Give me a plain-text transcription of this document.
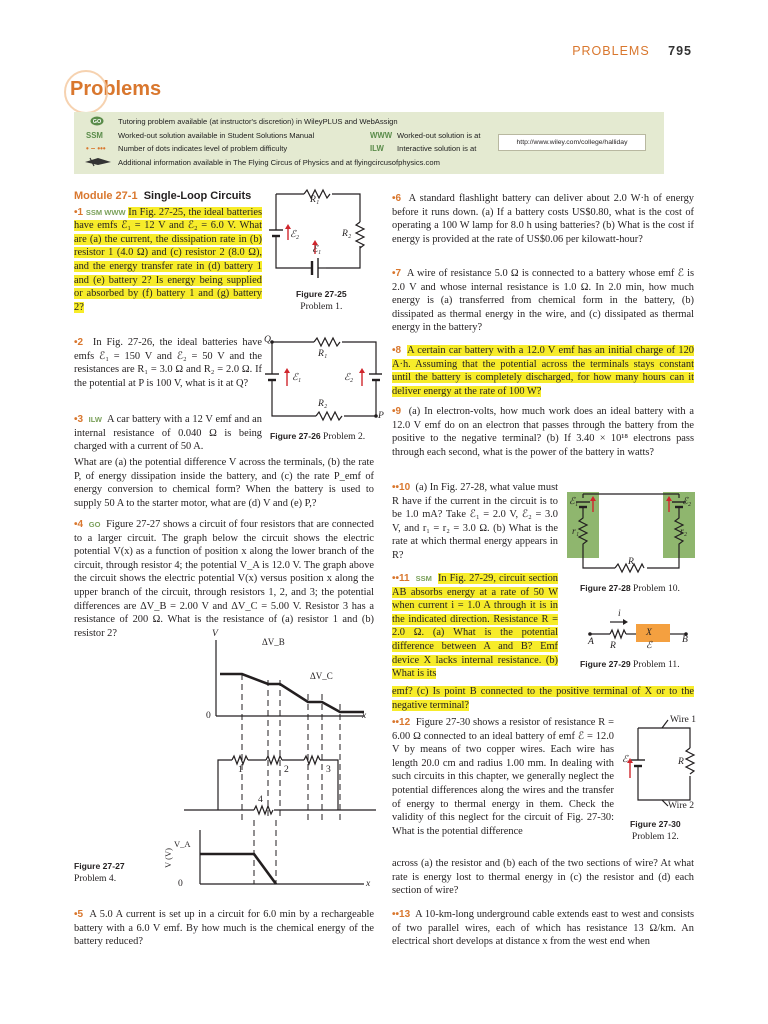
PROBLEMS 795
Problems
GO Tutoring problem available (at instructor's discretion) in WileyPLUS and WebAssign
SSM Worked-out solution available in Student Solutions Manual	WWW Worked-out solution is at
• – ••• Number of dots indicates level of problem difficulty	ILW Interactive solution is at
Additional information available in The Flying Circus of Physics and at flyingcircusofphysics.com
http://www.wiley.com/college/halliday
Module 27-1 Single-Loop Circuits

•1 SSM WWW In Fig. 27-25, the ideal batteries have emfs ℰ₁ = 12 V and ℰ₂ = 6.0 V. What are (a) the current, the dissipation rate in (b) resistor 1 (4.0 Ω) and (c) resistor 2 (8.0 Ω), and the energy transfer rate in (d) battery 1 and (e) battery 2? Is energy being supplied or absorbed by (f) battery 1 and (g) battery 2?

•2 In Fig. 27-26, the ideal batteries have emfs ℰ₁ = 150 V and ℰ₂ = 50 V and the resistances are R₁ = 3.0 Ω and R₂ = 2.0 Ω. If the potential at P is 100 V, what is it at Q?

•3 ILW A car battery with a 12 V emf and an internal resistance of 0.040 Ω is being charged with a current of 50 A.

What are (a) the potential difference V across the terminals, (b) the rate P, of energy dissipation inside the battery, and (c) the rate P_emf of energy conversion to chemical form? When the battery is used to supply 50 A to the starter motor, what are (d) V and (e) P,?

•4 GO Figure 27-27 shows a circuit of four resistors that are connected to a larger circuit. The graph below the circuit shows the electric potential V(x) as a function of position x along the lower branch of the circuit, through resistor 4; the potential V_A is 12.0 V. The graph above the circuit shows the electric potential V(x) versus position x along the upper branch of the circuit, through resistors 1, 2, and 3; the potential differences are ΔV_B = 2.00 V and ΔV_C = 5.00 V. Resistor 3 has a resistance of 200 Ω. What is the resistance of (a) resistor 1 and (b) resistor 2?

•5 A 5.0 A current is set up in a circuit for 6.0 min by a rechargeable battery with a 6.0 V emf. By how much is the chemical energy of the battery reduced?

R₁
R₂
ℰ₂
ℰ₁
Figure 27-25
Problem 1.
Q
P
R₁
R₂
ℰ₁	ℰ₂
Figure 27-26 Problem 2.
V
ΔV_B
ΔV_C
0	x
1	2	3
4
V_A
V (V)
0	x
Figure 27-27
Problem 4.

•6 A standard flashlight battery can deliver about 2.0 W·h of energy before it runs down. (a) If a battery costs US$0.80, what is the cost of operating a 100 W lamp for 8.0 h using batteries? (b) What is the cost if energy is provided at the rate of US$0.06 per kilowatt-hour?

•7 A wire of resistance 5.0 Ω is connected to a battery whose emf ℰ is 2.0 V and whose internal resistance is 1.0 Ω. In 2.0 min, how much energy is (a) transferred from chemical form in the battery, (b) dissipated as thermal energy in the wire, and (c) dissipated as thermal energy in the battery?

•8 A certain car battery with a 12.0 V emf has an initial charge of 120 A·h. Assuming that the potential across the terminals stays constant until the battery is completely discharged, for how many hours can it deliver energy at the rate of 100 W?

•9 (a) In electron-volts, how much work does an ideal battery with a 12.0 V emf do on an electron that passes through the battery from the positive to the negative terminal? (b) If 3.40 × 10¹⁸ electrons pass through each second, what is the power of the battery in watts?

••10 (a) In Fig. 27-28, what value must R have if the current in the circuit is to be 1.0 mA? Take ℰ₁ = 2.0 V, ℰ₂ = 3.0 V, and r₁ = r₂ = 3.0 Ω. (b) What is the rate at which thermal energy appears in R?

••11 SSM In Fig. 27-29, circuit section AB absorbs energy at a rate of 50 W when current i = 1.0 A through it is in the indicated direction. Resistance R = 2.0 Ω. (a) What is the potential difference between A and B? Emf device X lacks internal resistance. (b) What is its

emf? (c) Is point B connected to the positive terminal of X or to the negative terminal?

••12 Figure 27-30 shows a resistor of resistance R = 6.00 Ω connected to an ideal battery of emf ℰ = 12.0 V by means of two copper wires. Each wire has length 20.0 cm and radius 1.00 mm. In dealing with such circuits in this chapter, we generally neglect the potential differences along the wires and the transfer of energy to thermal energy in them. Check the validity of this neglect for the circuit of Fig. 27-30: What is the potential difference

across (a) the resistor and (b) each of the two sections of wire? At what rate is energy lost to thermal energy in (c) the resistor and (d) each section of wire?

••13 A 10-km-long underground cable extends east to west and consists of two parallel wires, each of which has resistance 13 Ω/km. An electrical short develops at distance x from the west end when

ℰ₁	ℰ₂
r₁	r₂
R
Figure 27-28 Problem 10.
i
A R
X
ℰ
B
Figure 27-29 Problem 11.
Wire 1
Wire 2
ℰ	R
Figure 27-30
Problem 12.
